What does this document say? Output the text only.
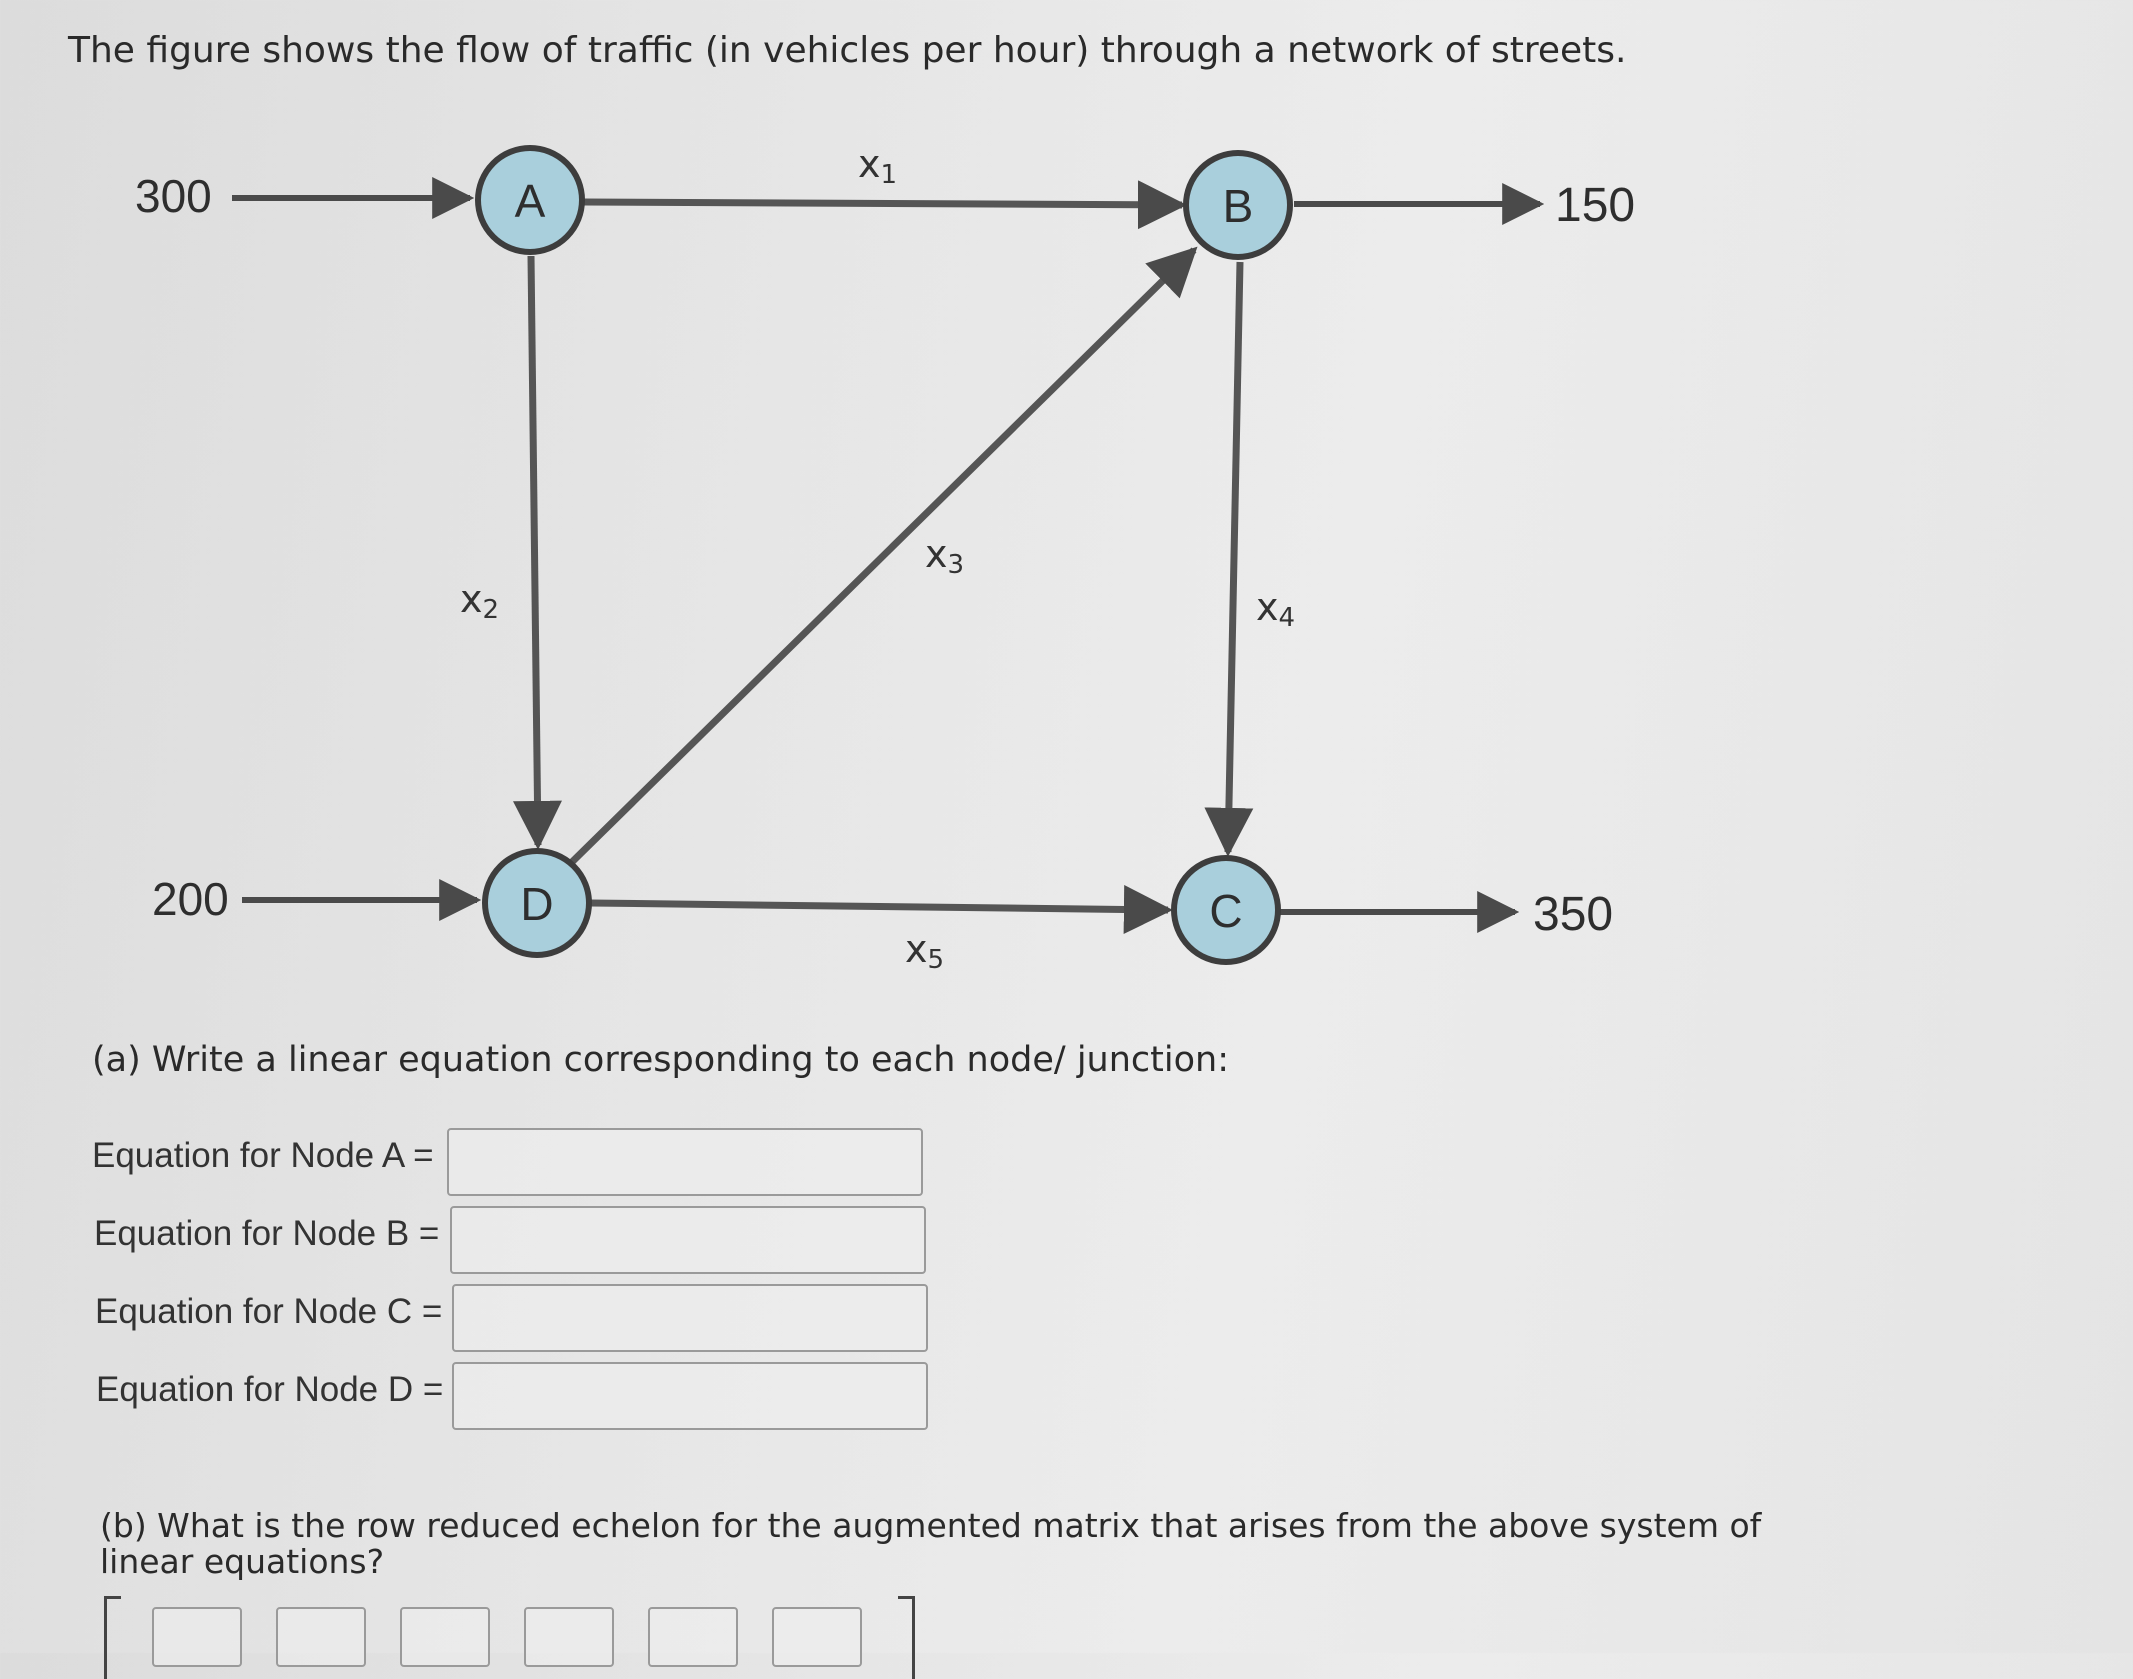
The figure shows the flow of traffic (in vehicles per hour) through a network of streets.
300
200
x1
x2
x3
x4
x5
150
350
A	B
C
D
(a) Write a linear equation corresponding to each node/ junction:
Equation for Node A =
Equation for Node B =
Equation for Node C =
Equation for Node D =
(b) What is the row reduced echelon for the augmented matrix that arises from the above system of linear equations?
